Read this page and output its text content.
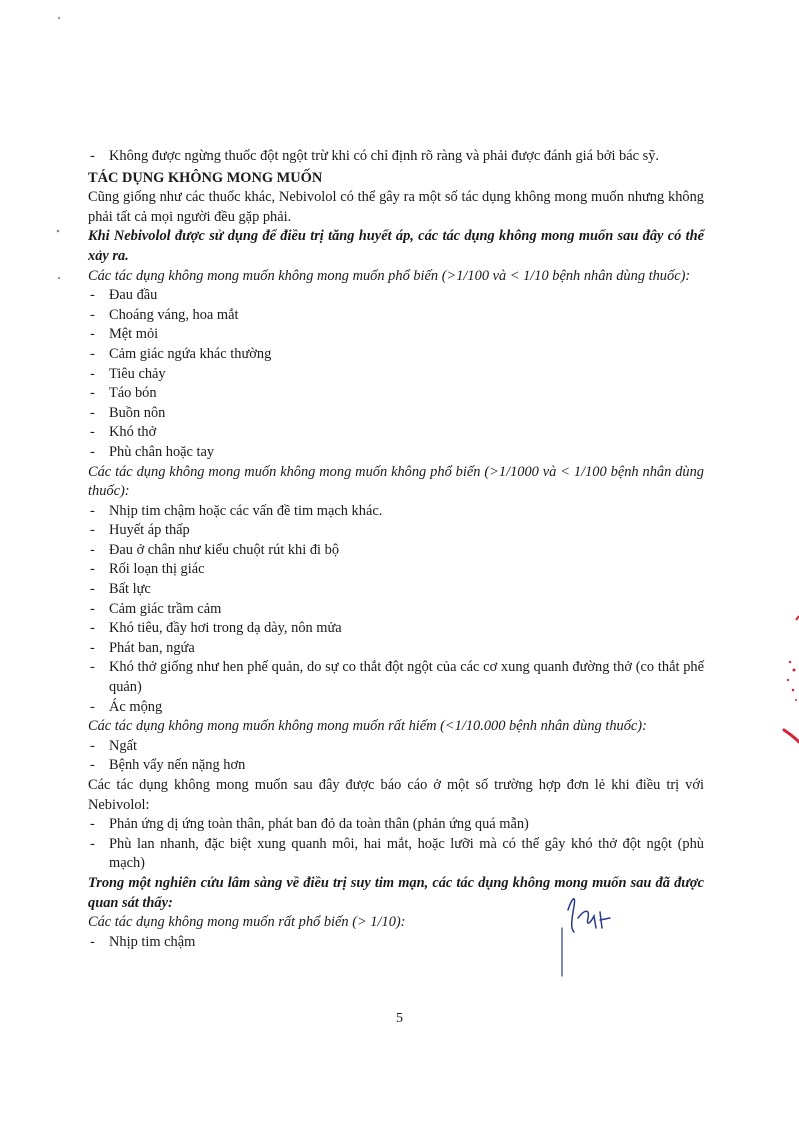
- Không được ngừng thuốc đột ngột trừ khi có chỉ định rõ ràng và phải được đánh giá bởi bác sỹ.

TÁC DỤNG KHÔNG MONG MUỐN

Cũng giống như các thuốc khác, Nebivolol có thể gây ra một số tác dụng không mong muốn nhưng không phải tất cả mọi người đều gặp phải.

Khi Nebivolol được sử dụng để điều trị tăng huyết áp, các tác dụng không mong muốn sau đây có thể xảy ra.

Các tác dụng không mong muốn không mong muốn phổ biến (>1/100 và < 1/10 bệnh nhân dùng thuốc):

- Đau đầu
- Choáng váng, hoa mắt
- Mệt mỏi
- Cảm giác ngứa khác thường
- Tiêu chảy
- Táo bón
- Buồn nôn
- Khó thở
- Phù chân hoặc tay

Các tác dụng không mong muốn không mong muốn không phổ biến (>1/1000 và < 1/100 bệnh nhân dùng thuốc):

- Nhịp tim chậm hoặc các vấn đề tim mạch khác.
- Huyết áp thấp
- Đau ở chân như kiểu chuột rút khi đi bộ
- Rối loạn thị giác
- Bất lực
- Cảm giác trầm cảm
- Khó tiêu, đầy hơi trong dạ dày, nôn mửa
- Phát ban, ngứa
- Khó thở giống như hen phế quản, do sự co thắt đột ngột của các cơ xung quanh đường thở (co thắt phế quản)
- Ác mộng

Các tác dụng không mong muốn không mong muốn rất hiếm (<1/10.000 bệnh nhân dùng thuốc):

- Ngất
- Bệnh vẩy nến nặng hơn

Các tác dụng không mong muốn sau đây được báo cáo ở một số trường hợp đơn lẻ khi điều trị với Nebivolol:

- Phản ứng dị ứng toàn thân, phát ban đỏ da toàn thân (phản ứng quá mẫn)
- Phù lan nhanh, đặc biệt xung quanh môi, hai mắt, hoặc lưỡi mà có thể gây khó thở đột ngột (phù mạch)

Trong một nghiên cứu lâm sàng về điều trị suy tim mạn, các tác dụng không mong muốn sau đã được quan sát thấy:

Các tác dụng không mong muốn rất phổ biến (> 1/10):

- Nhịp tim chậm
5
